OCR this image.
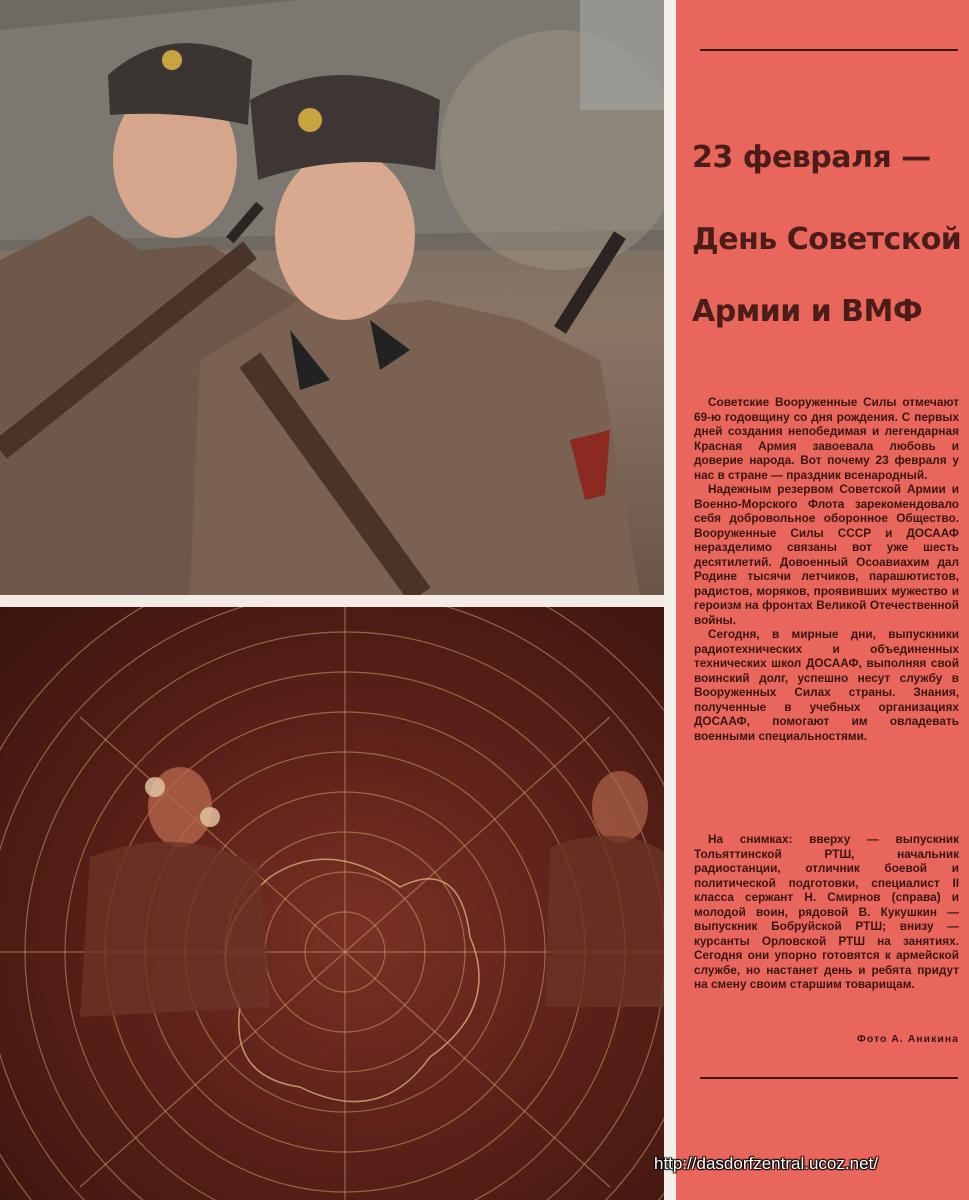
23 февраля —
День Советской
Армии и ВМФ

Советские Вооруженные Силы отмечают 69-ю годовщину со дня рождения. С первых дней создания непобедимая и легендарная Красная Армия завоевала любовь и доверие народа. Вот почему 23 февраля у нас в стране — праздник всенародный.

Надежным резервом Советской Армии и Военно-Морского Флота зарекомендовало себя добровольное оборонное Общество. Вооруженные Силы СССР и ДОСААФ неразделимо связаны вот уже шесть десятилетий. Довоенный Осоавиахим дал Родине тысячи летчиков, парашютистов, радистов, моряков, проявивших мужество и героизм на фронтах Великой Отечественной войны.

Сегодня, в мирные дни, выпускники радиотехнических и объединенных технических школ ДОСААФ, выполняя свой воинский долг, успешно несут службу в Вооруженных Силах страны. Знания, полученные в учебных организациях ДОСААФ, помогают им овладевать военными специальностями.

На снимках: вверху — выпускник Тольяттинской РТШ, начальник радиостанции, отличник боевой и политической подготовки, специалист II класса сержант Н. Смирнов (справа) и молодой воин, рядовой В. Кукушкин — выпускник Бобруйской РТШ; внизу — курсанты Орловской РТШ на занятиях. Сегодня они упорно готовятся к армейской службе, но настанет день и ребята придут на смену своим старшим товарищам.

Фото А. Аникина
http://dasdorfzentral.ucoz.net/
